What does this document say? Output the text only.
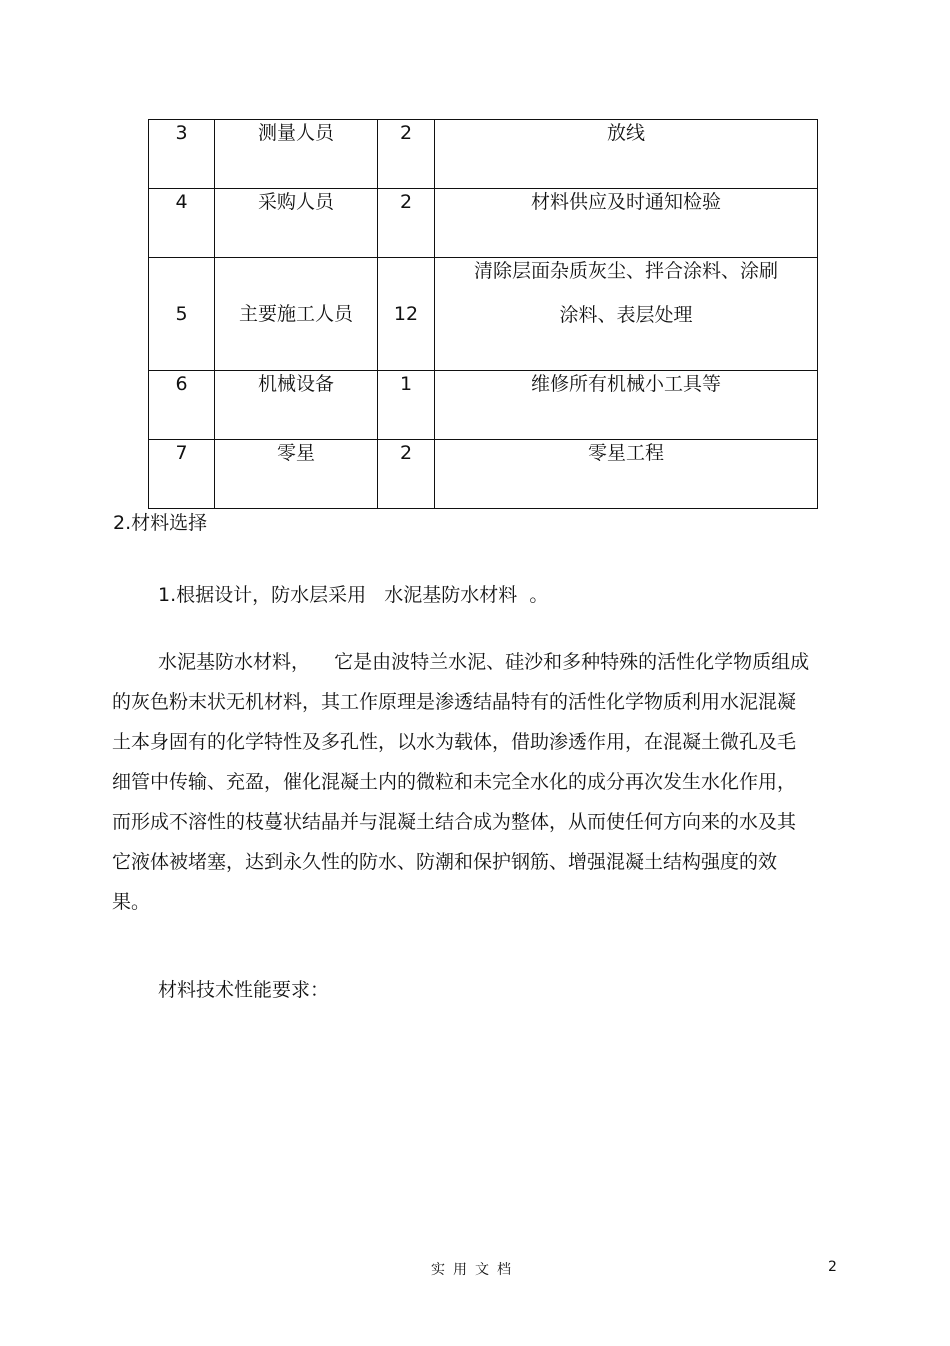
3	测量人员	2	放线

4	采购人员	2	材料供应及时通知检验

5	主要施工人员	12	清除层面杂质灰尘、拌合涂料、涂刷
涂料、表层处理

6	机械设备	1	维修所有机械小工具等

7	零星	2	零星工程

2.材料选择

1.根据设计，防水层采用   水泥基防水材料  。

水泥基防水材料，    它是由波特兰水泥、硅沙和多种特殊的活性化学物质组成的灰色粉末状无机材料，其工作原理是渗透结晶特有的活性化学物质利用水泥混凝土本身固有的化学特性及多孔性，以水为载体，借助渗透作用，在混凝土微孔及毛细管中传输、充盈，催化混凝土内的微粒和未完全水化的成分再次发生水化作用，而形成不溶性的枝蔓状结晶并与混凝土结合成为整体，从而使任何方向来的水及其它液体被堵塞，达到永久性的防水、防潮和保护钢筋、增强混凝土结构强度的效果。

材料技术性能要求：

实用文档	2
